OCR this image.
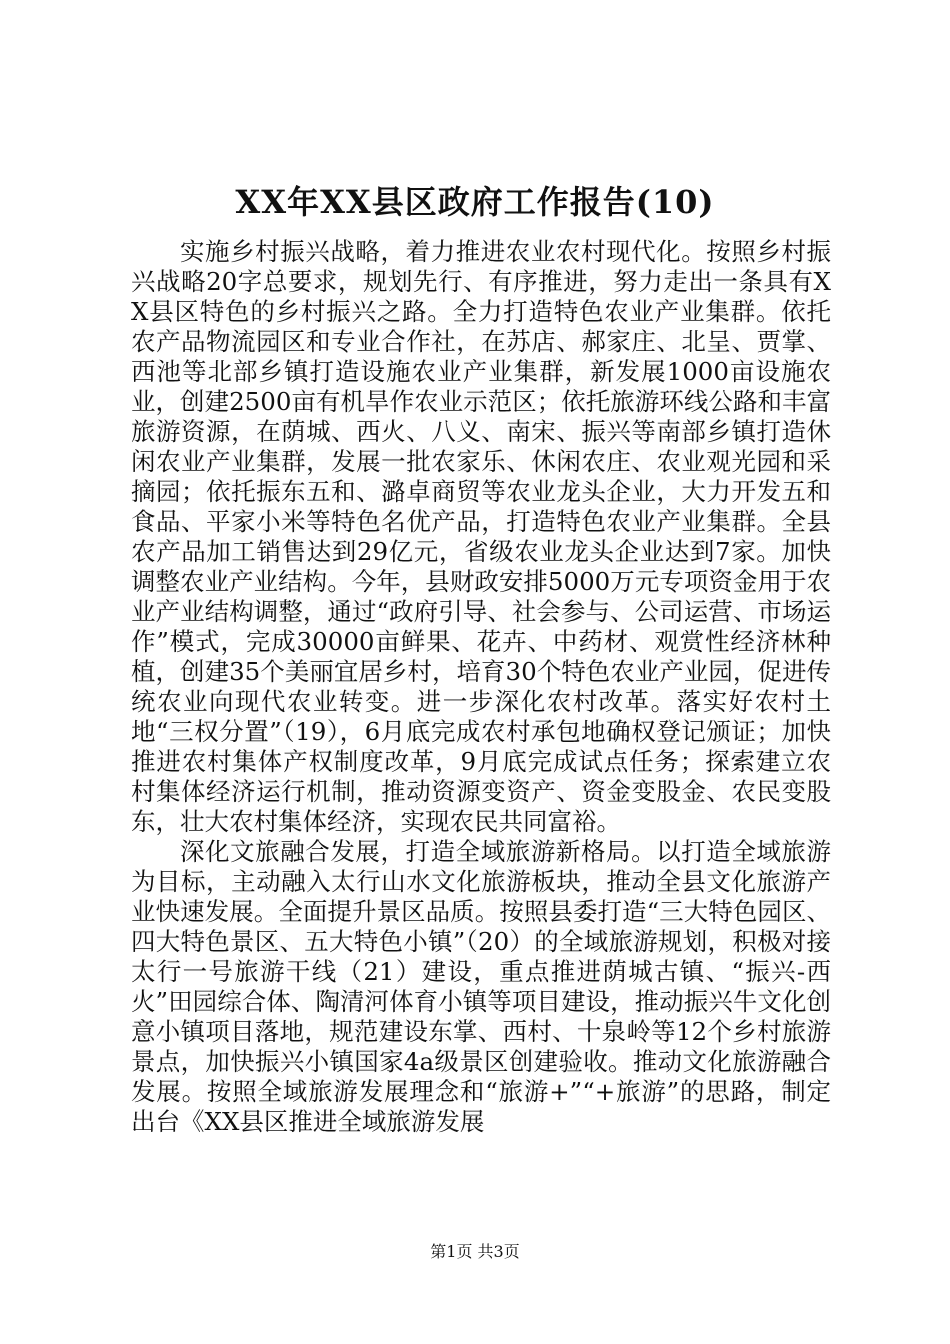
XX年XX县区政府工作报告(10)

实施乡村振兴战略，着力推进农业农村现代化。按照乡村振兴战略20字总要求，规划先行、有序推进，努力走出一条具有XX县区特色的乡村振兴之路。全力打造特色农业产业集群。依托农产品物流园区和专业合作社，在苏店、郝家庄、北呈、贾掌、西池等北部乡镇打造设施农业产业集群，新发展1000亩设施农业，创建2500亩有机旱作农业示范区；依托旅游环线公路和丰富旅游资源，在荫城、西火、八义、南宋、振兴等南部乡镇打造休闲农业产业集群，发展一批农家乐、休闲农庄、农业观光园和采摘园；依托振东五和、潞卓商贸等农业龙头企业，大力开发五和食品、平家小米等特色名优产品，打造特色农业产业集群。全县农产品加工销售达到29亿元，省级农业龙头企业达到7家。加快调整农业产业结构。今年，县财政安排5000万元专项资金用于农业产业结构调整，通过“政府引导、社会参与、公司运营、市场运作”模式，完成30000亩鲜果、花卉、中药材、观赏性经济林种植，创建35个美丽宜居乡村，培育30个特色农业产业园，促进传统农业向现代农业转变。进一步深化农村改革。落实好农村土地“三权分置”（19），6月底完成农村承包地确权登记颁证；加快推进农村集体产权制度改革，9月底完成试点任务；探索建立农村集体经济运行机制，推动资源变资产、资金变股金、农民变股东，壮大农村集体经济，实现农民共同富裕。

深化文旅融合发展，打造全域旅游新格局。以打造全域旅游为目标，主动融入太行山水文化旅游板块，推动全县文化旅游产业快速发展。全面提升景区品质。按照县委打造“三大特色园区、四大特色景区、五大特色小镇”（20）的全域旅游规划，积极对接太行一号旅游干线（21）建设，重点推进荫城古镇、“振兴-西火”田园综合体、陶清河体育小镇等项目建设，推动振兴牛文化创意小镇项目落地，规范建设东掌、西村、十泉岭等12个乡村旅游景点，加快振兴小镇国家4a级景区创建验收。推动文化旅游融合发展。按照全域旅游发展理念和“旅游+”“+旅游”的思路，制定出台《XX县区推进全域旅游发展

第1页 共3页
